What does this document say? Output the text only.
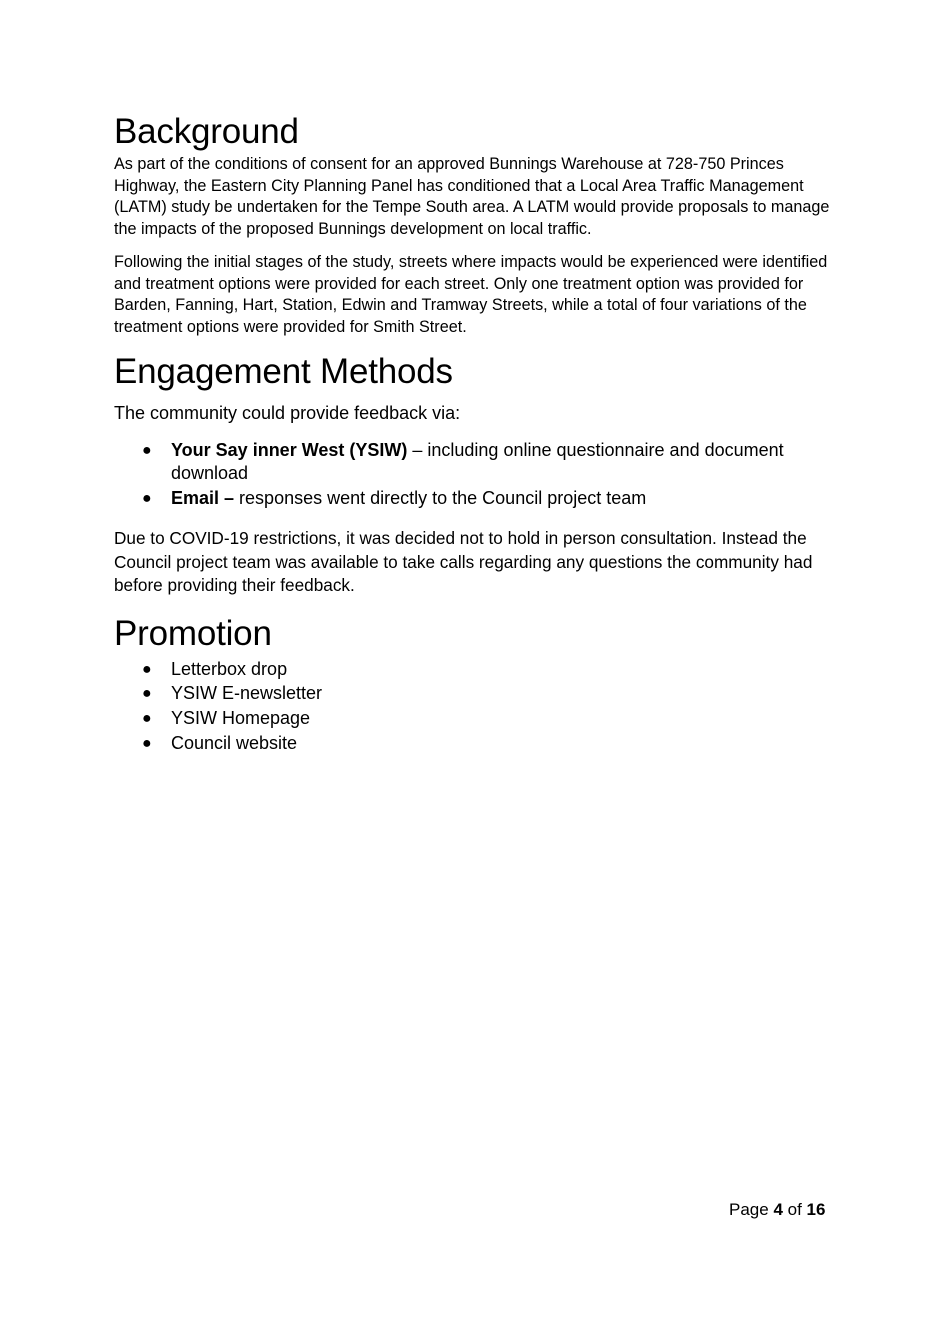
Background

As part of the conditions of consent for an approved Bunnings Warehouse at 728-750 Princes Highway, the Eastern City Planning Panel has conditioned that a Local Area Traffic Management (LATM) study be undertaken for the Tempe South area. A LATM would provide proposals to manage the impacts of the proposed Bunnings development on local traffic.

Following the initial stages of the study, streets where impacts would be experienced were identified and treatment options were provided for each street. Only one treatment option was provided for Barden, Fanning, Hart, Station, Edwin and Tramway Streets, while a total of four variations of the treatment options were provided for Smith Street.

Engagement Methods

The community could provide feedback via:

● Your Say inner West (YSIW) – including online questionnaire and document download
● Email – responses went directly to the Council project team

Due to COVID-19 restrictions, it was decided not to hold in person consultation. Instead the Council project team was available to take calls regarding any questions the community had before providing their feedback.

Promotion
● Letterbox drop
● YSIW E-newsletter
● YSIW Homepage
● Council website
Page 4 of 16
